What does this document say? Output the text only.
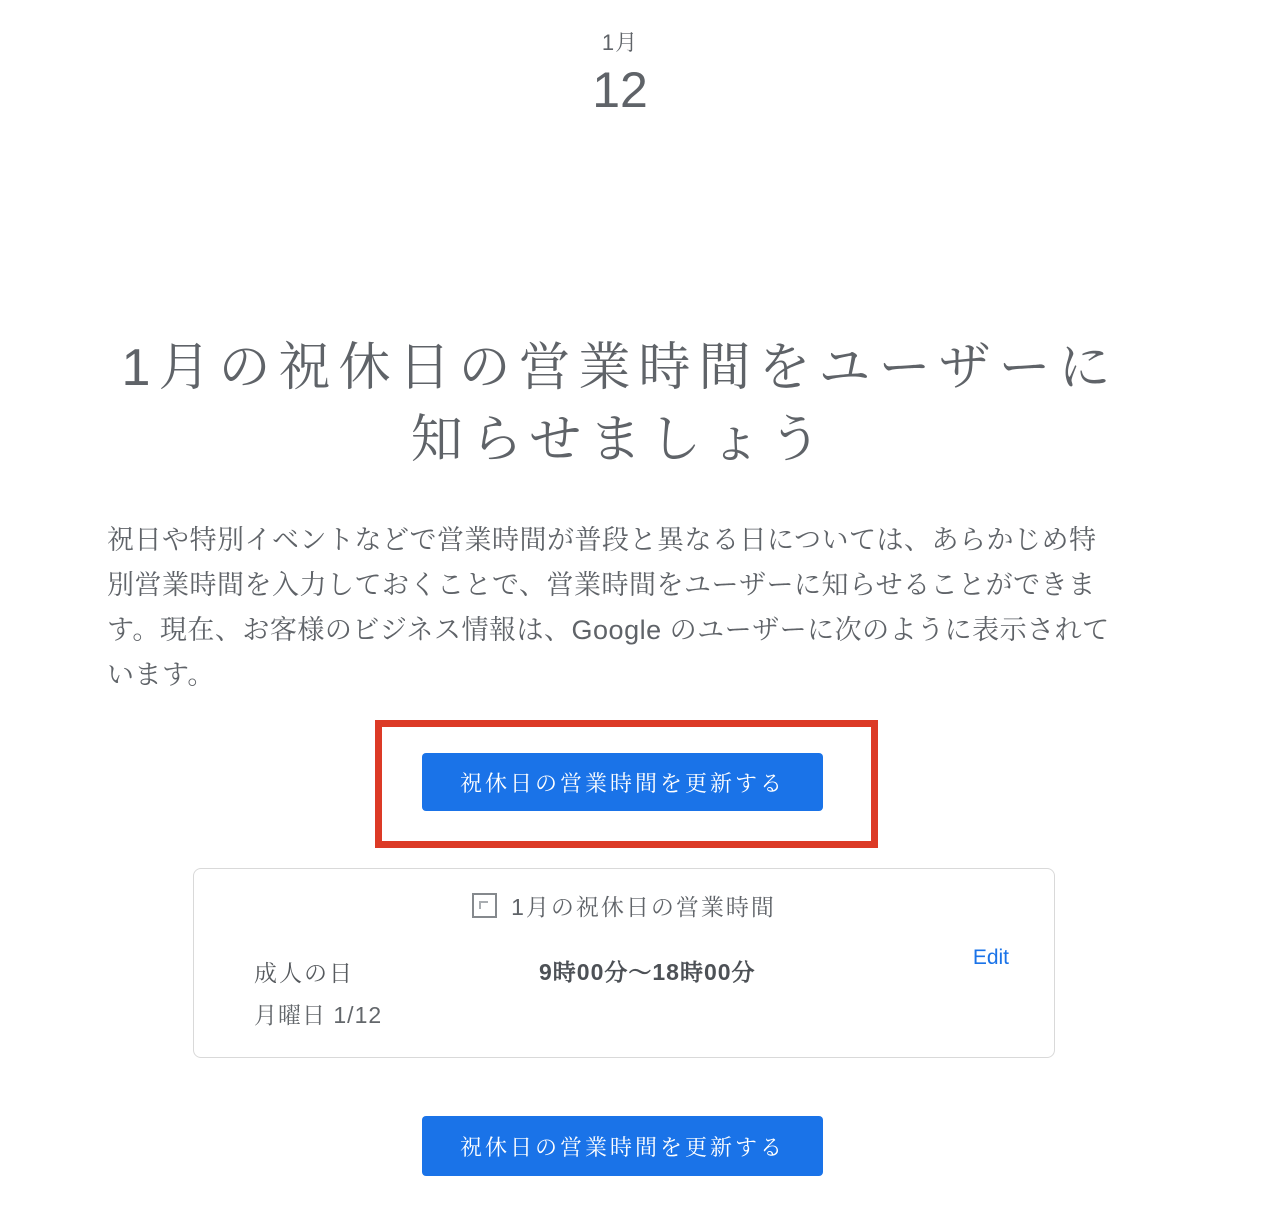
1月
12
1月の祝休日の営業時間をユーザーに知らせましょう

祝日や特別イベントなどで営業時間が普段と異なる日については、あらかじめ特別営業時間を入力しておくことで、営業時間をユーザーに知らせることができます。現在、お客様のビジネス情報は、Google のユーザーに次のように表示されています。

祝休日の営業時間を更新する
1月の祝休日の営業時間
成人の日	9時00分～18時00分
Edit
月曜日 1/12
祝休日の営業時間を更新する
